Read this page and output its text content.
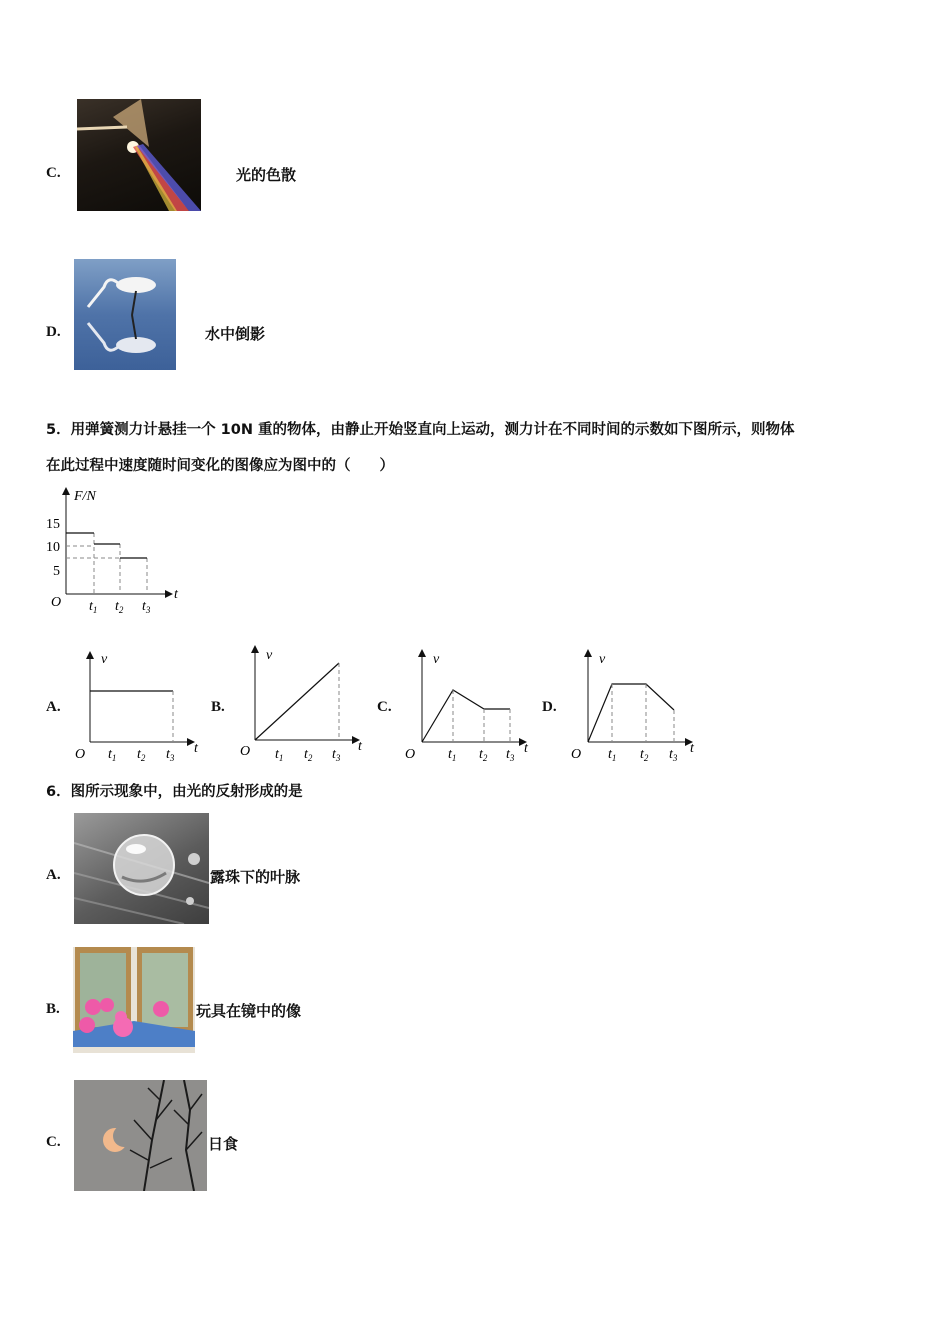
C.	光的色散
D.	水中倒影
5．用弹簧测力计悬挂一个 10N 重的物体，由静止开始竖直向上运动，测力计在不同时间的示数如下图所示，则物体
在此过程中速度随时间变化的图像应为图中的（　　）
F/N
t
O
15
10
5
$t_1$ $t_2$ $t_3$
A.
v
t
O $t_1$ $t_2$ $t_3$
B.
v
t
O $t_1$ $t_2$ $t_3$
C.
v
t
O $t_1$ $t_2$ $t_3$
D.
v
t
O $t_1$ $t_2$ $t_3$
6．图所示现象中，由光的反射形成的是
A.	露珠下的叶脉
B.	玩具在镜中的像
C.	日食
